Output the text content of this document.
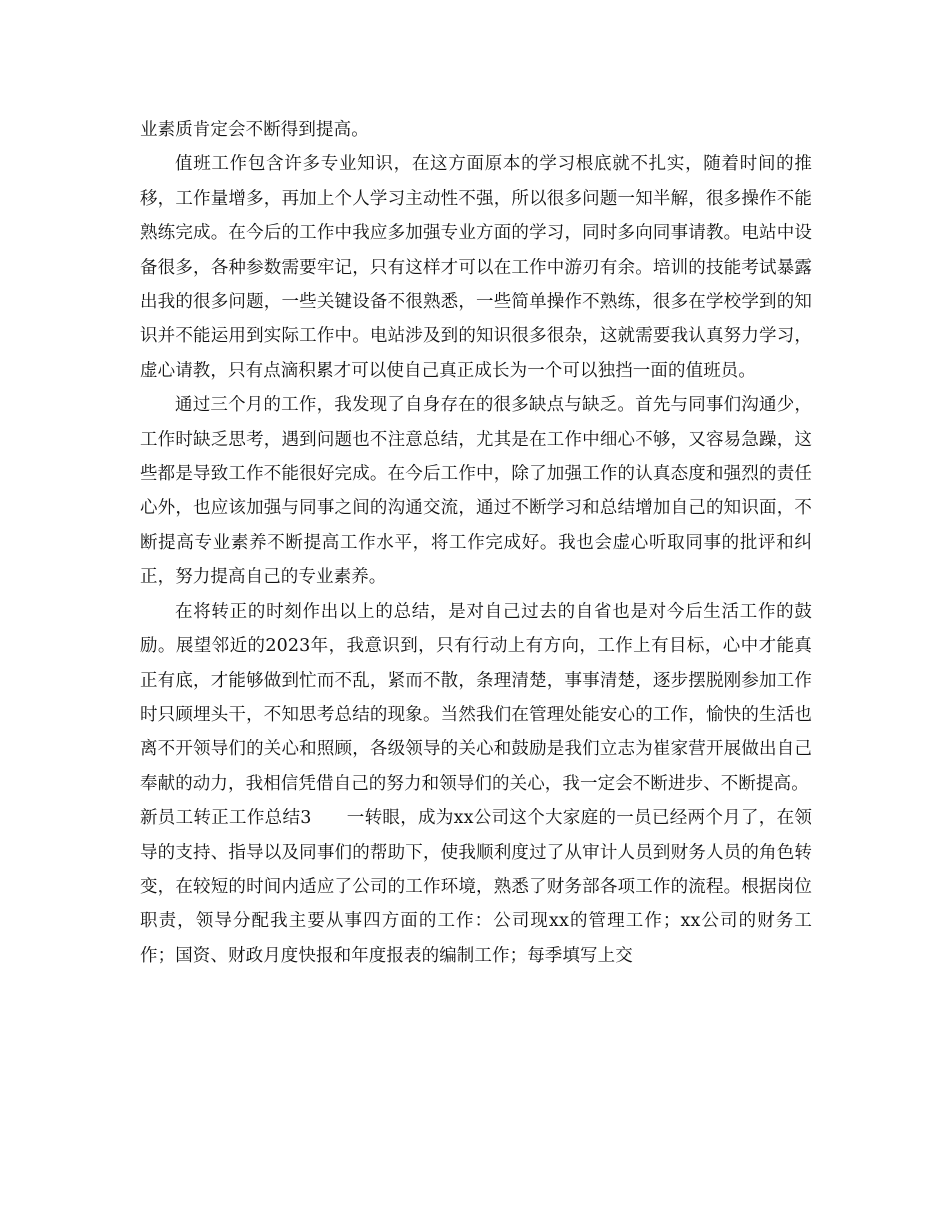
业素质肯定会不断得到提高。

值班工作包含许多专业知识，在这方面原本的学习根底就不扎实，随着时间的推移，工作量增多，再加上个人学习主动性不强，所以很多问题一知半解，很多操作不能熟练完成。在今后的工作中我应多加强专业方面的学习，同时多向同事请教。电站中设备很多，各种参数需要牢记，只有这样才可以在工作中游刃有余。培训的技能考试暴露出我的很多问题，一些关键设备不很熟悉，一些简单操作不熟练，很多在学校学到的知识并不能运用到实际工作中。电站涉及到的知识很多很杂，这就需要我认真努力学习，虚心请教，只有点滴积累才可以使自己真正成长为一个可以独挡一面的值班员。

通过三个月的工作，我发现了自身存在的很多缺点与缺乏。首先与同事们沟通少，工作时缺乏思考，遇到问题也不注意总结，尤其是在工作中细心不够，又容易急躁，这些都是导致工作不能很好完成。在今后工作中，除了加强工作的认真态度和强烈的责任心外，也应该加强与同事之间的沟通交流，通过不断学习和总结增加自己的知识面，不断提高专业素养不断提高工作水平，将工作完成好。我也会虚心听取同事的批评和纠正，努力提高自己的专业素养。

在将转正的时刻作出以上的总结，是对自己过去的自省也是对今后生活工作的鼓励。展望邻近的2023年，我意识到，只有行动上有方向，工作上有目标，心中才能真正有底，才能够做到忙而不乱，紧而不散，条理清楚，事事清楚，逐步摆脱刚参加工作时只顾埋头干，不知思考总结的现象。当然我们在管理处能安心的工作，愉快的生活也离不开领导们的关心和照顾，各级领导的关心和鼓励是我们立志为崔家营开展做出自己奉献的动力，我相信凭借自己的努力和领导们的关心，我一定会不断进步、不断提高。

新员工转正工作总结3 一转眼，成为xx公司这个大家庭的一员已经两个月了，在领导的支持、指导以及同事们的帮助下，使我顺利度过了从审计人员到财务人员的角色转变，在较短的时间内适应了公司的工作环境，熟悉了财务部各项工作的流程。根据岗位职责，领导分配我主要从事四方面的工作：公司现xx的管理工作；xx公司的财务工作；国资、财政月度快报和年度报表的编制工作；每季填写上交
